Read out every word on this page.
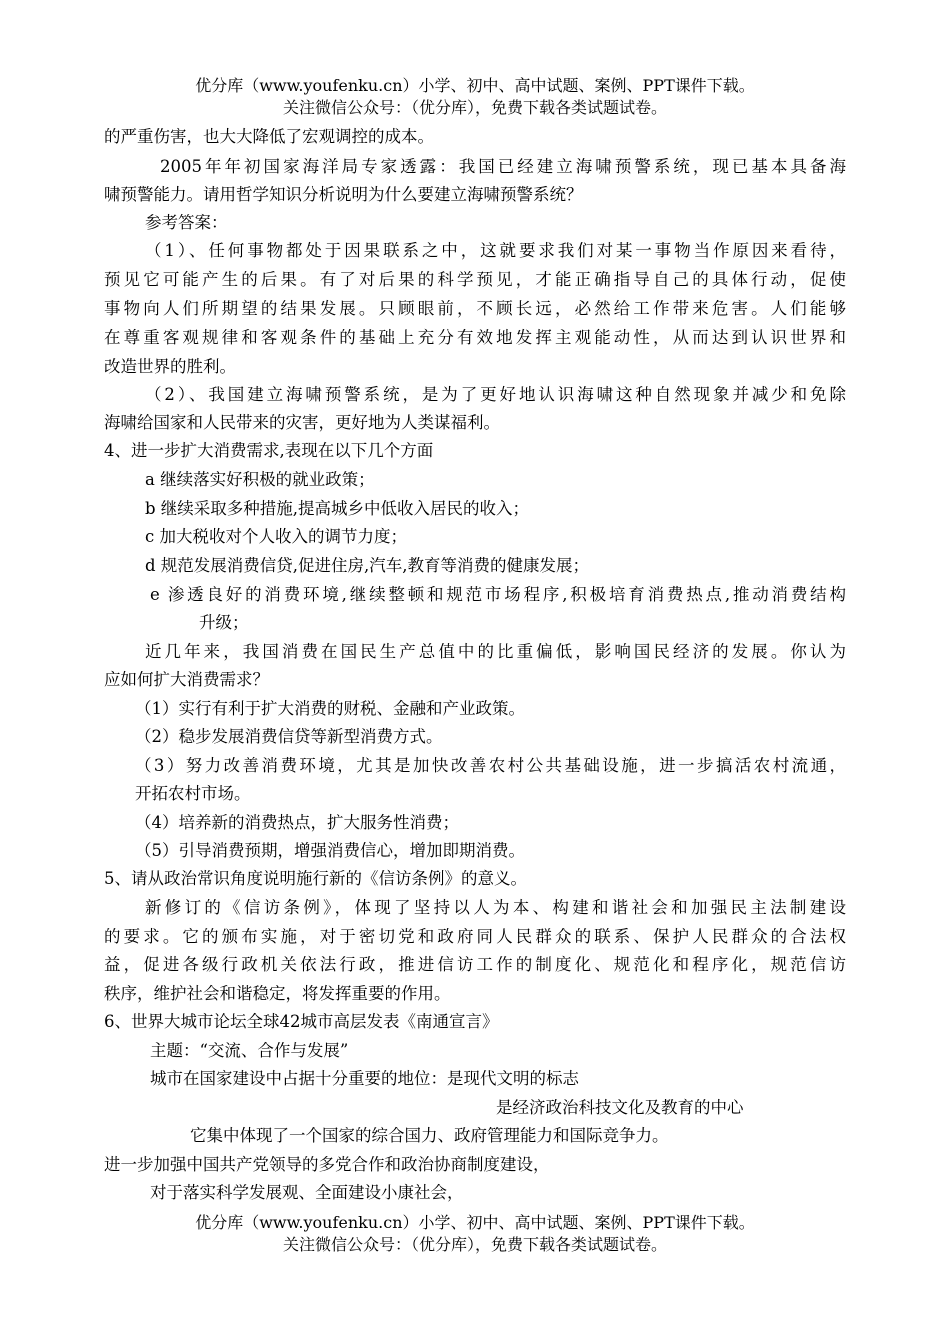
优分库（www.youfenku.cn）小学、初中、高中试题、案例、PPT课件下载。
关注微信公众号：（优分库），免费下载各类试题试卷。
的严重伤害，也大大降低了宏观调控的成本。
2005年年初国家海洋局专家透露：我国已经建立海啸预警系统，现已基本具备海
啸预警能力。请用哲学知识分析说明为什么要建立海啸预警系统？
参考答案：
（1）、任何事物都处于因果联系之中，这就要求我们对某一事物当作原因来看待，
预见它可能产生的后果。有了对后果的科学预见，才能正确指导自己的具体行动，促使
事物向人们所期望的结果发展。只顾眼前，不顾长远，必然给工作带来危害。人们能够
在尊重客观规律和客观条件的基础上充分有效地发挥主观能动性，从而达到认识世界和
改造世界的胜利。
（2）、我国建立海啸预警系统，是为了更好地认识海啸这种自然现象并减少和免除
海啸给国家和人民带来的灾害，更好地为人类谋福利。
4、进一步扩大消费需求,表现在以下几个方面
a 继续落实好积极的就业政策；
b 继续采取多种措施,提高城乡中低收入居民的收入；
c 加大税收对个人收入的调节力度；
d 规范发展消费信贷,促进住房,汽车,教育等消费的健康发展；
e 渗透良好的消费环境,继续整顿和规范市场程序,积极培育消费热点,推动消费结构
升级；
近几年来，我国消费在国民生产总值中的比重偏低，影响国民经济的发展。你认为
应如何扩大消费需求？
（1）实行有利于扩大消费的财税、金融和产业政策。
（2）稳步发展消费信贷等新型消费方式。
（3）努力改善消费环境，尤其是加快改善农村公共基础设施，进一步搞活农村流通，
开拓农村市场。
（4）培养新的消费热点，扩大服务性消费；
（5）引导消费预期，增强消费信心，增加即期消费。
5、请从政治常识角度说明施行新的《信访条例》的意义。
新修订的《信访条例》，体现了坚持以人为本、构建和谐社会和加强民主法制建设
的要求。它的颁布实施，对于密切党和政府同人民群众的联系、保护人民群众的合法权
益，促进各级行政机关依法行政，推进信访工作的制度化、规范化和程序化，规范信访
秩序，维护社会和谐稳定，将发挥重要的作用。
6、世界大城市论坛全球42城市高层发表《南通宣言》
主题：“交流、合作与发展”
城市在国家建设中占据十分重要的地位：是现代文明的标志
是经济政治科技文化及教育的中心
它集中体现了一个国家的综合国力、政府管理能力和国际竞争力。
进一步加强中国共产党领导的多党合作和政治协商制度建设，
对于落实科学发展观、全面建设小康社会，
优分库（www.youfenku.cn）小学、初中、高中试题、案例、PPT课件下载。
关注微信公众号：（优分库），免费下载各类试题试卷。
